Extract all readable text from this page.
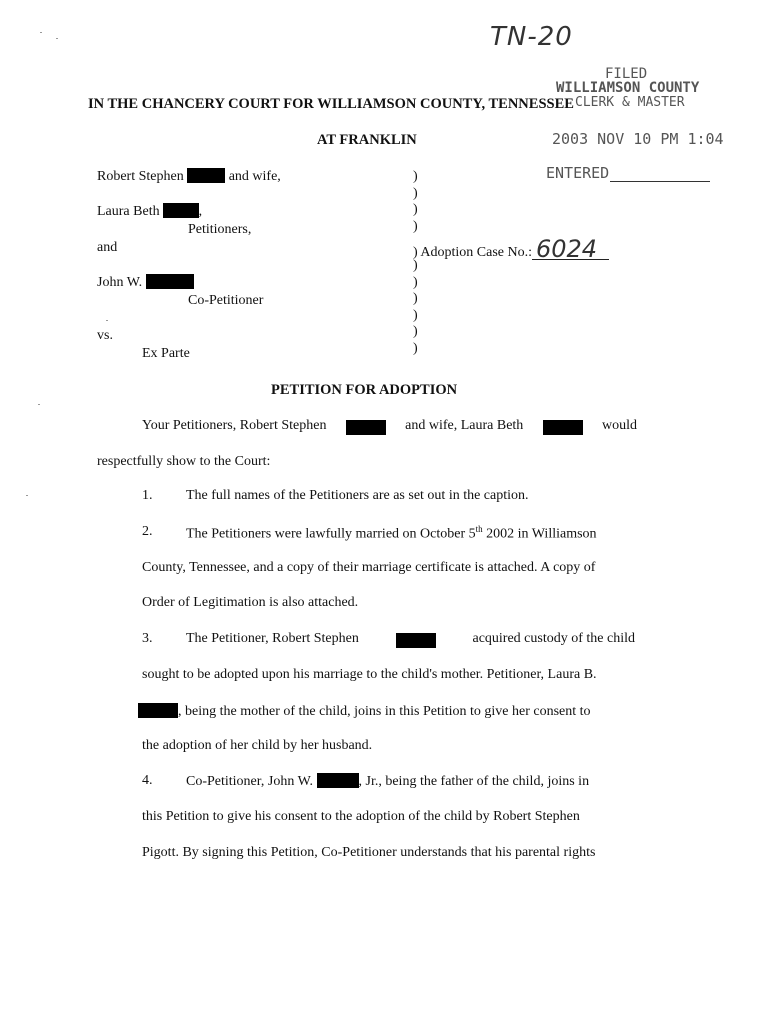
TN-20
FILED
WILLIAMSON COUNTY
CLERK & MASTER
2003 NOV 10 PM 1:04
ENTERED
IN THE CHANCERY COURT FOR WILLIAMSON COUNTY, TENNESSEE
AT FRANKLIN
Robert Stephen	and wife,
Laura Beth	,
Petitioners,
and
John W.
Co-Petitioner
vs.
Ex Parte
)
)
)
)
) Adoption Case No.: 6024
)
)
)
)
)
)
PETITION FOR ADOPTION
Your Petitioners, Robert Stephen	and wife, Laura Beth	would
respectfully show to the Court:
1. The full names of the Petitioners are as set out in the caption.
2. The Petitioners were lawfully married on October 5th 2002 in Williamson
County, Tennessee, and a copy of their marriage certificate is attached. A copy of
Order of Legitimation is also attached.
3. The Petitioner, Robert Stephen	acquired custody of the child
sought to be adopted upon his marriage to the child's mother. Petitioner, Laura B.
, being the mother of the child, joins in this Petition to give her consent to
the adoption of her child by her husband.
4. Co-Petitioner, John W.	, Jr., being the father of the child, joins in
this Petition to give his consent to the adoption of the child by Robert Stephen
Pigott. By signing this Petition, Co-Petitioner understands that his parental rights
